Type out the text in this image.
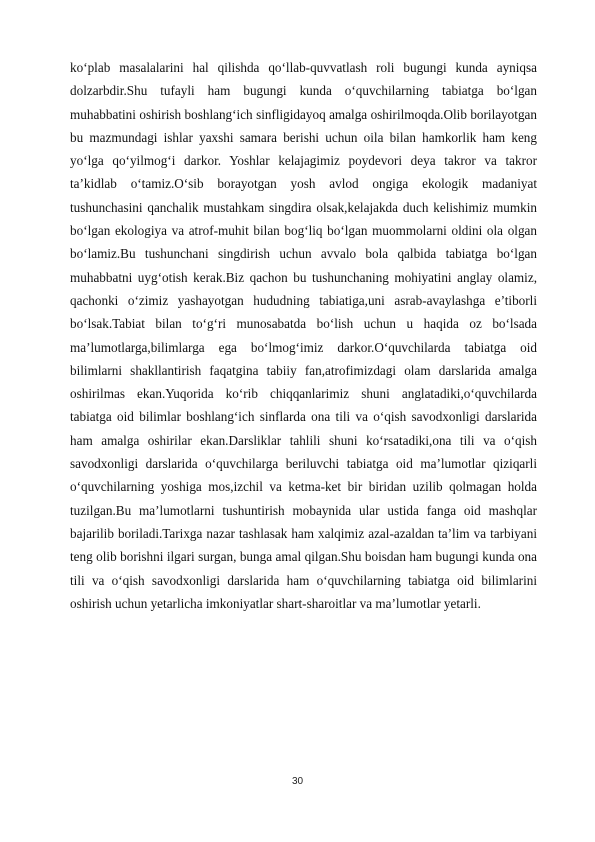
ko‘plab masalalarini hal qilishda qo‘llab-quvvatlash roli bugungi kunda ayniqsa dolzarbdir.Shu tufayli ham bugungi kunda o‘quvchilarning tabiatga bo‘lgan muhabbatini oshirish boshlang‘ich sinfligidayoq amalga oshirilmoqda.Olib borilayotgan bu mazmundagi ishlar yaxshi samara berishi uchun oila bilan hamkorlik ham keng yo‘lga qo‘yilmog‘i darkor. Yoshlar kelajagimiz poydevori deya takror va takror ta’kidlab o‘tamiz.O‘sib borayotgan yosh avlod ongiga ekologik madaniyat tushunchasini qanchalik mustahkam singdira olsak,kelajakda duch kelishimiz mumkin bo‘lgan ekologiya va atrof-muhit bilan bog‘liq bo‘lgan muommolarni oldini ola olgan bo‘lamiz.Bu tushunchani singdirish uchun avvalo bola qalbida tabiatga bo‘lgan muhabbatni uyg‘otish kerak.Biz qachon bu tushunchaning mohiyatini anglay olamiz, qachonki o‘zimiz yashayotgan hududning tabiatiga,uni asrab-avaylashga e’tiborli bo‘lsak.Tabiat bilan to‘g‘ri munosabatda bo‘lish uchun u haqida oz bo‘lsada ma’lumotlarga,bilimlarga ega bo‘lmog‘imiz darkor.O‘quvchilarda tabiatga oid bilimlarni shakllantirish faqatgina tabiiy fan,atrofimizdagi olam darslarida amalga oshirilmas ekan.Yuqorida ko‘rib chiqqanlarimiz shuni anglatadiki,o‘quvchilarda tabiatga oid bilimlar boshlang‘ich sinflarda ona tili va o‘qish savodxonligi darslarida ham amalga oshirilar ekan.Darsliklar tahlili shuni ko‘rsatadiki,ona tili va o‘qish savodxonligi darslarida o‘quvchilarga beriluvchi tabiatga oid ma’lumotlar qiziqarli o‘quvchilarning yoshiga mos,izchil va ketma-ket bir biridan uzilib qolmagan holda tuzilgan.Bu ma’lumotlarni tushuntirish mobaynida ular ustida fanga oid mashqlar bajarilib boriladi.Tarixga nazar tashlasak ham xalqimiz azal-azaldan ta’lim va tarbiyani teng olib borishni ilgari surgan, bunga amal qilgan.Shu boisdan ham bugungi kunda ona tili va o‘qish savodxonligi darslarida ham o‘quvchilarning tabiatga oid bilimlarini oshirish uchun yetarlicha imkoniyatlar shart-sharoitlar va ma’lumotlar yetarli.

30
